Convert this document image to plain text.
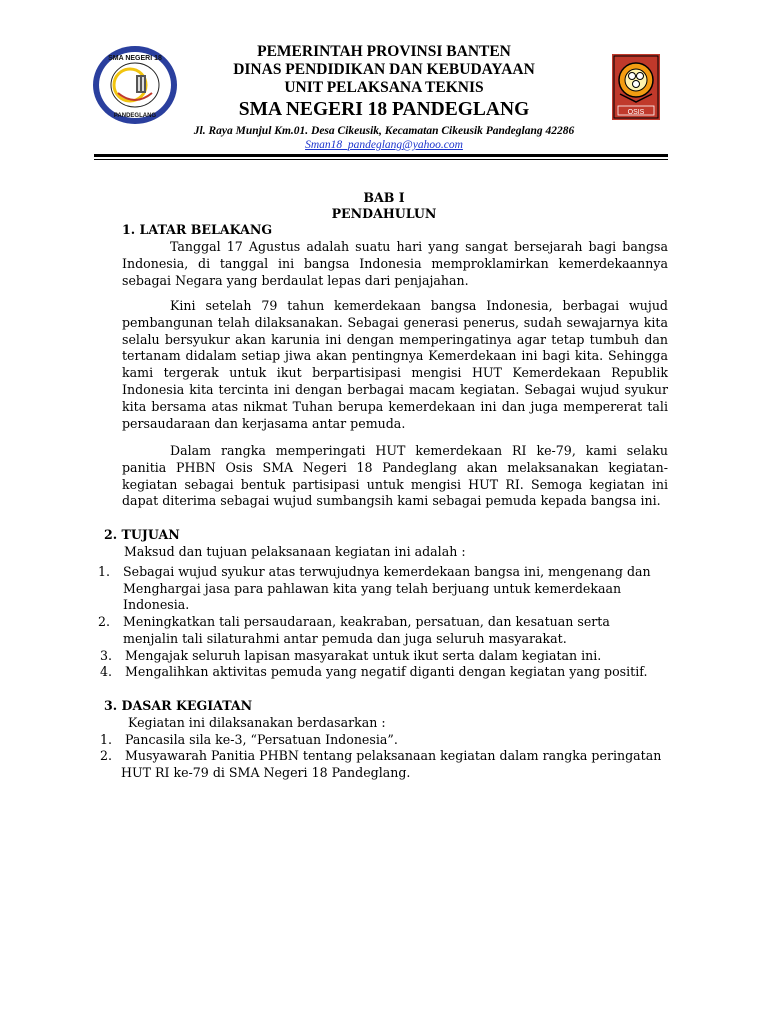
SMA NEGERI 18
PANDEGLANG	OSIS
PEMERINTAH PROVINSI BANTEN
DINAS PENDIDIKAN DAN KEBUDAYAAN
UNIT PELAKSANA TEKNIS
SMA NEGERI 18 PANDEGLANG
Jl. Raya Munjul Km.01. Desa Cikeusik, Kecamatan Cikeusik Pandeglang 42286
Sman18_pandeglang@yahoo.com
BAB I
PENDAHULUN
1. LATAR BELAKANG

Tanggal 17 Agustus adalah suatu hari yang sangat bersejarah bagi bangsa Indonesia, di tanggal ini bangsa Indonesia memproklamirkan kemerdekaannya sebagai Negara yang berdaulat lepas dari penjajahan.

Kini setelah 79 tahun kemerdekaan bangsa Indonesia, berbagai wujud pembangunan telah dilaksanakan. Sebagai generasi penerus, sudah sewajarnya kita selalu bersyukur akan karunia ini dengan memperingatinya agar tetap tumbuh dan tertanam didalam setiap jiwa akan pentingnya Kemerdekaan ini bagi kita. Sehingga kami tergerak untuk ikut berpartisipasi mengisi HUT Kemerdekaan Republik Indonesia kita tercinta ini dengan berbagai macam kegiatan. Sebagai wujud syukur kita bersama atas nikmat Tuhan berupa kemerdekaan ini dan juga mempererat tali persaudaraan dan kerjasama antar pemuda.

Dalam rangka memperingati HUT kemerdekaan RI ke-79, kami selaku panitia PHBN Osis SMA Negeri 18 Pandeglang akan melaksanakan kegiatan-kegiatan sebagai bentuk partisipasi untuk mengisi HUT RI. Semoga kegiatan ini dapat diterima sebagai wujud sumbangsih kami sebagai pemuda kepada bangsa ini.

2. TUJUAN
Maksud dan tujuan pelaksanaan kegiatan ini adalah :
1. Sebagai wujud syukur atas terwujudnya kemerdekaan bangsa ini, mengenang dan
Menghargai jasa para pahlawan kita yang telah berjuang untuk kemerdekaan
Indonesia.
2. Meningkatkan tali persaudaraan, keakraban, persatuan, dan kesatuan serta
menjalin tali silaturahmi antar pemuda dan juga seluruh masyarakat.
3. Mengajak seluruh lapisan masyarakat untuk ikut serta dalam kegiatan ini.
4. Mengalihkan aktivitas pemuda yang negatif diganti dengan kegiatan yang positif.
3. DASAR KEGIATAN
Kegiatan ini dilaksanakan berdasarkan :
1. Pancasila sila ke-3, “Persatuan Indonesia”.
2. Musyawarah Panitia PHBN tentang pelaksanaan kegiatan dalam rangka peringatan
HUT RI ke-79 di SMA Negeri 18 Pandeglang.
